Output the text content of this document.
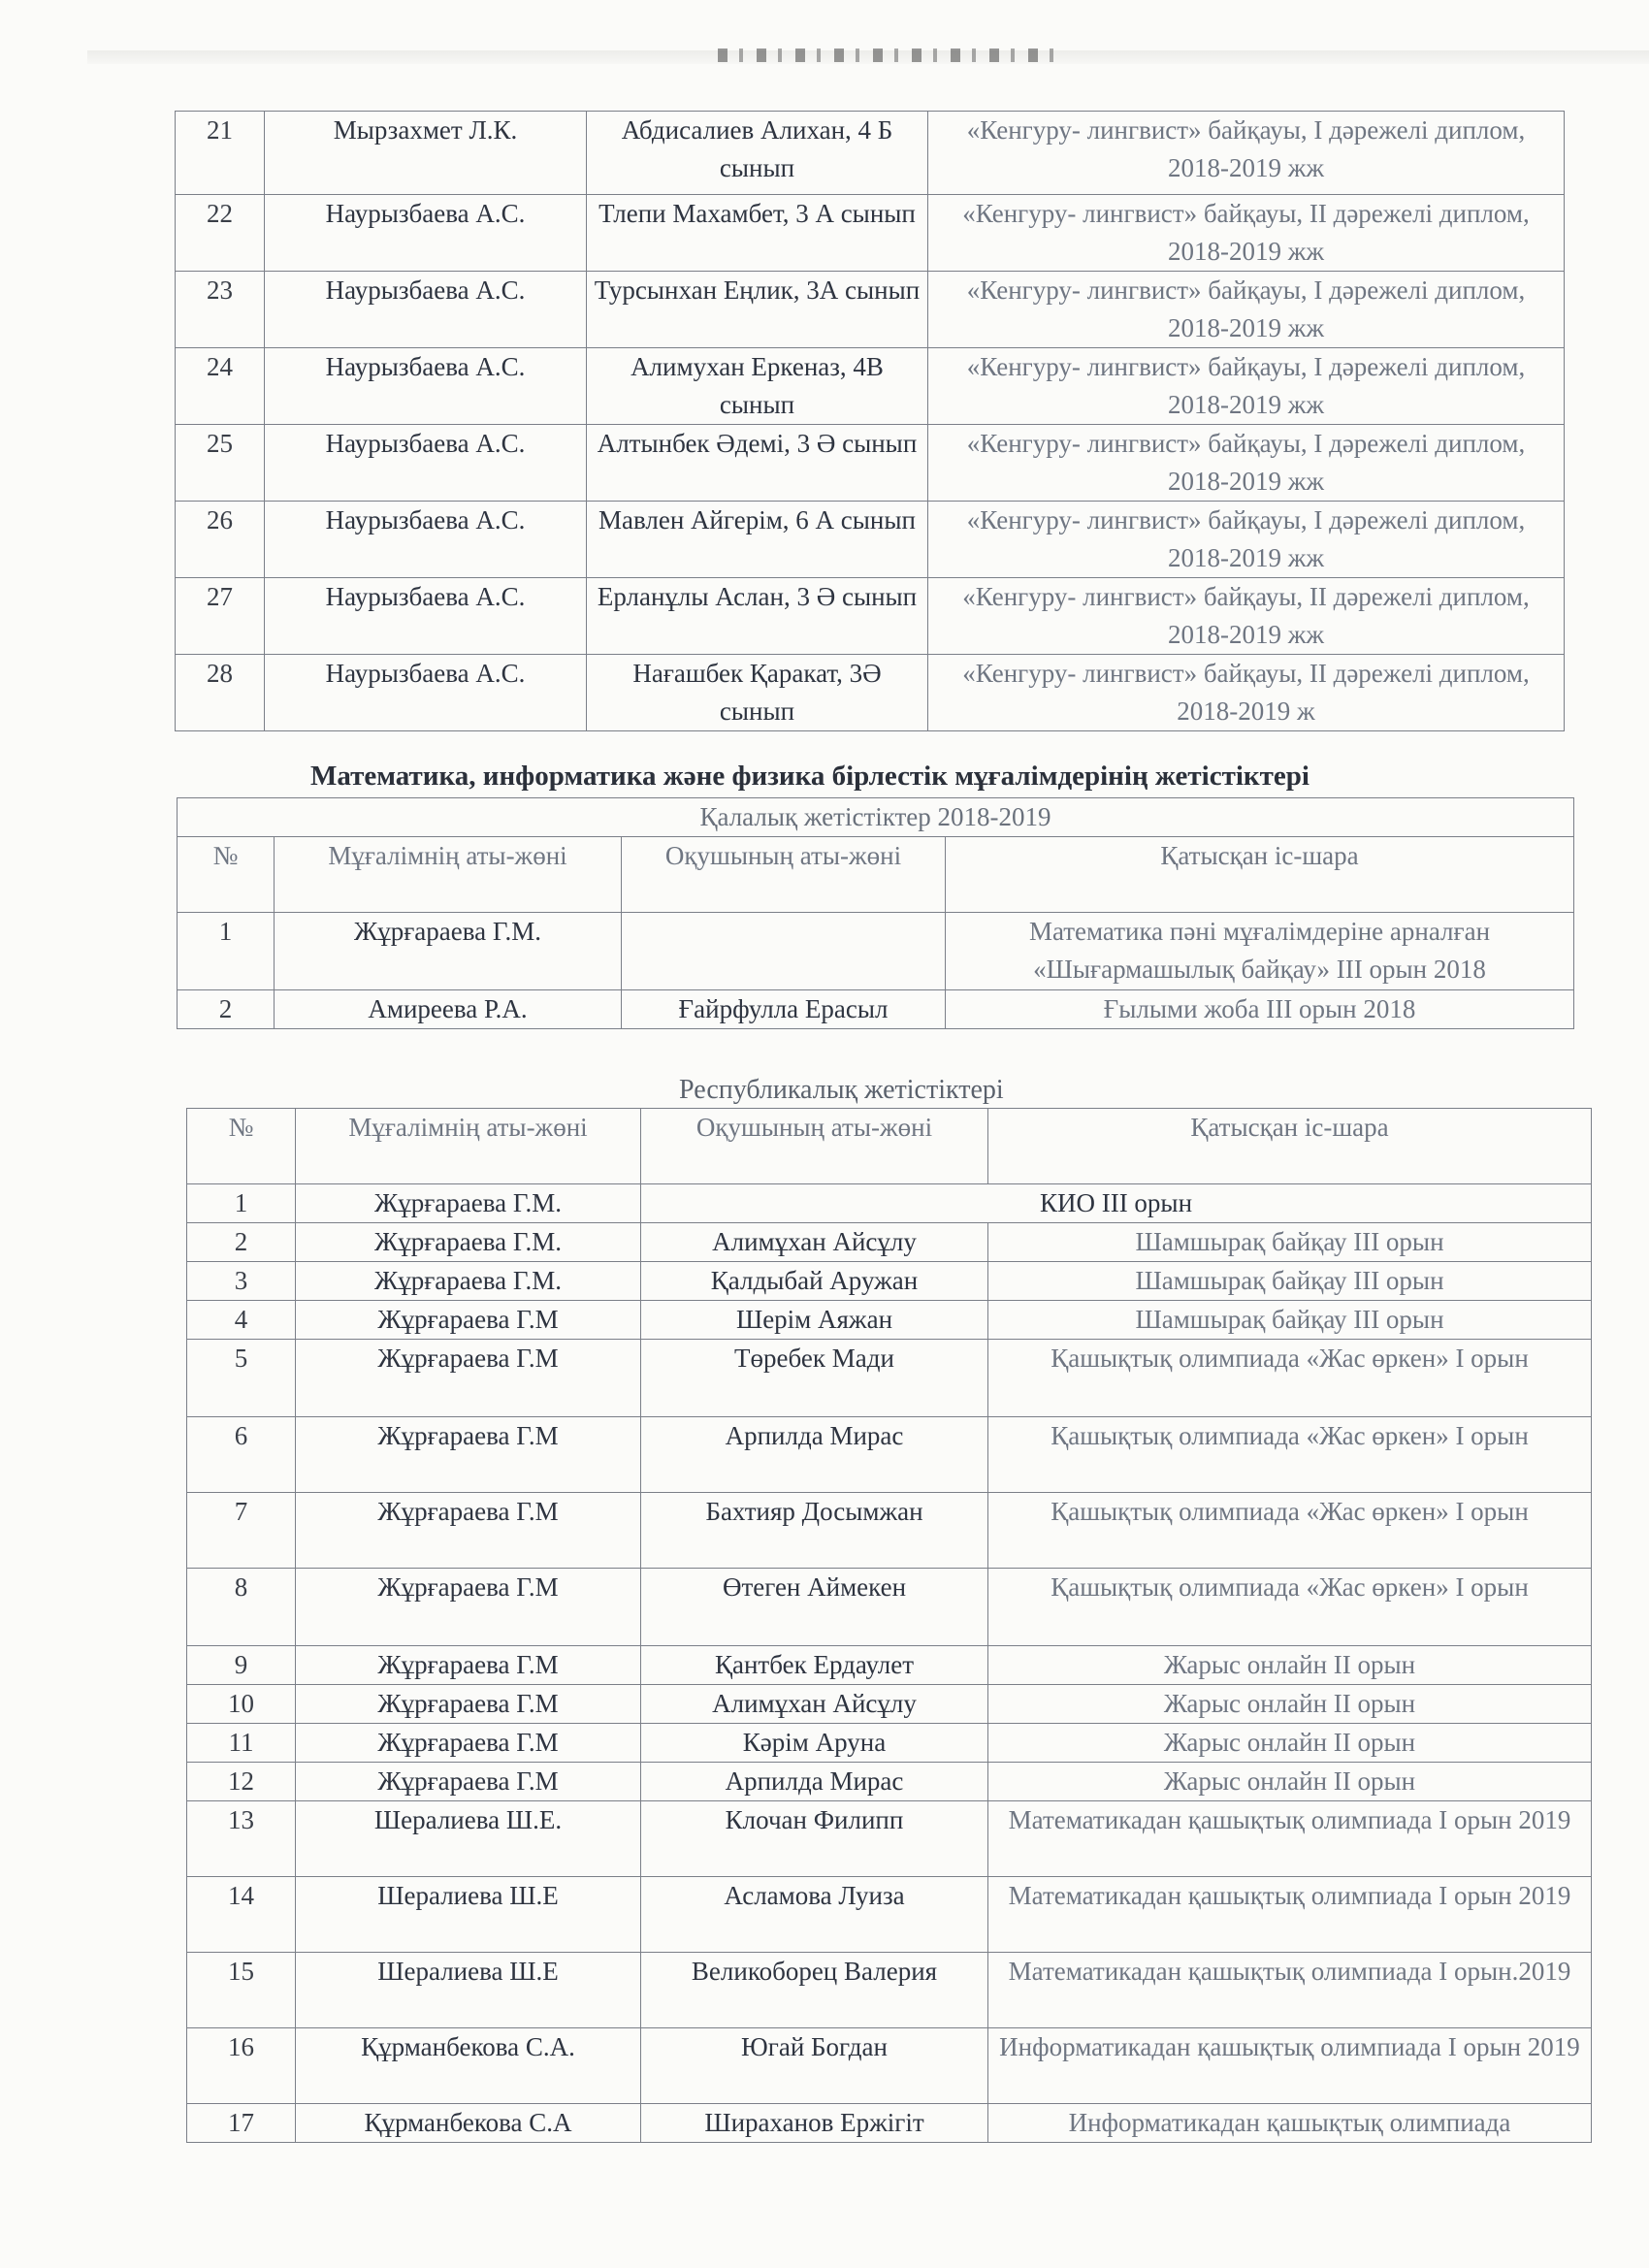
21	Мырзахмет Л.К.	Абдисалиев Алихан, 4 Б сынып	«Кенгуру- лингвист» байқауы, I дәрежелі диплом, 2018-2019 жж
22	Наурызбаева А.С.	Тлепи Махамбет, 3 А сынып	«Кенгуру- лингвист» байқауы, II дәрежелі диплом, 2018-2019 жж
23	Наурызбаева А.С.	Турсынхан Еңлик, 3А сынып	«Кенгуру- лингвист» байқауы, I дәрежелі диплом, 2018-2019 жж
24	Наурызбаева А.С.	Алимухан Еркеназ, 4В сынып	«Кенгуру- лингвист» байқауы, I дәрежелі диплом, 2018-2019 жж
25	Наурызбаева А.С.	Алтынбек Әдемі, 3 Ә сынып	«Кенгуру- лингвист» байқауы, I дәрежелі диплом, 2018-2019 жж
26	Наурызбаева А.С.	Мавлен Айгерім, 6 А сынып	«Кенгуру- лингвист» байқауы, I дәрежелі диплом, 2018-2019 жж
27	Наурызбаева А.С.	Ерланұлы Аслан, 3 Ә сынып	«Кенгуру- лингвист» байқауы, II дәрежелі диплом, 2018-2019 жж
28	Наурызбаева А.С.	Нағашбек Қаракат, 3Ә сынып	«Кенгуру- лингвист» байқауы, II дәрежелі диплом, 2018-2019 ж
Математика, информатика және физика бірлестік мұғалімдерінің жетістіктері
Қалалық жетістіктер 2018-2019			
№	Мұғалімнің аты-жөні	Оқушының аты-жөні	Қатысқан іс-шара
1	Жұрғараева Г.М.		Математика пәні мұғалімдеріне арналған «Шығармашылық байқау» III орын 2018
2	Амиреева Р.А.	Ғайрфулла Ерасыл	Ғылыми жоба III орын 2018
Республикалық жетістіктері
№	Мұғалімнің аты-жөні	Оқушының аты-жөні	Қатысқан іс-шара
1	Жұрғараева Г.М.	КИО III орын	
2	Жұрғараева Г.М.	Алимұхан Айсұлу	Шамшырақ байқау III орын
3	Жұрғараева Г.М.	Қалдыбай Аружан	Шамшырақ байқау III орын
4	Жұрғараева Г.М	Шерім Аяжан	Шамшырақ байқау III орын
5	Жұрғараева Г.М	Төребек Мади	Қашықтық олимпиада «Жас өркен» I орын
6	Жұрғараева Г.М	Арпилда Мирас	Қашықтық олимпиада «Жас өркен» I орын
7	Жұрғараева Г.М	Бахтияр Досымжан	Қашықтық олимпиада «Жас өркен» I орын
8	Жұрғараева Г.М	Өтеген Аймекен	Қашықтық олимпиада «Жас өркен» I орын
9	Жұрғараева Г.М	Қантбек Ердаулет	Жарыс онлайн II орын
10	Жұрғараева Г.М	Алимұхан Айсұлу	Жарыс онлайн II орын
11	Жұрғараева Г.М	Кәрім Аруна	Жарыс онлайн II орын
12	Жұрғараева Г.М	Арпилда Мирас	Жарыс онлайн II орын
13	Шералиева Ш.Е.	Клочан Филипп	Математикадан қашықтық олимпиада I орын 2019
14	Шералиева Ш.Е	Асламова Луиза	Математикадан қашықтық олимпиада I орын 2019
15	Шералиева Ш.Е	Великоборец Валерия	Математикадан қашықтық олимпиада I орын.2019
16	Құрманбекова С.А.	Югай Богдан	Информатикадан қашықтық олимпиада I орын 2019
17	Құрманбекова С.А	Шираханов Ержігіт	Информатикадан қашықтық олимпиада
